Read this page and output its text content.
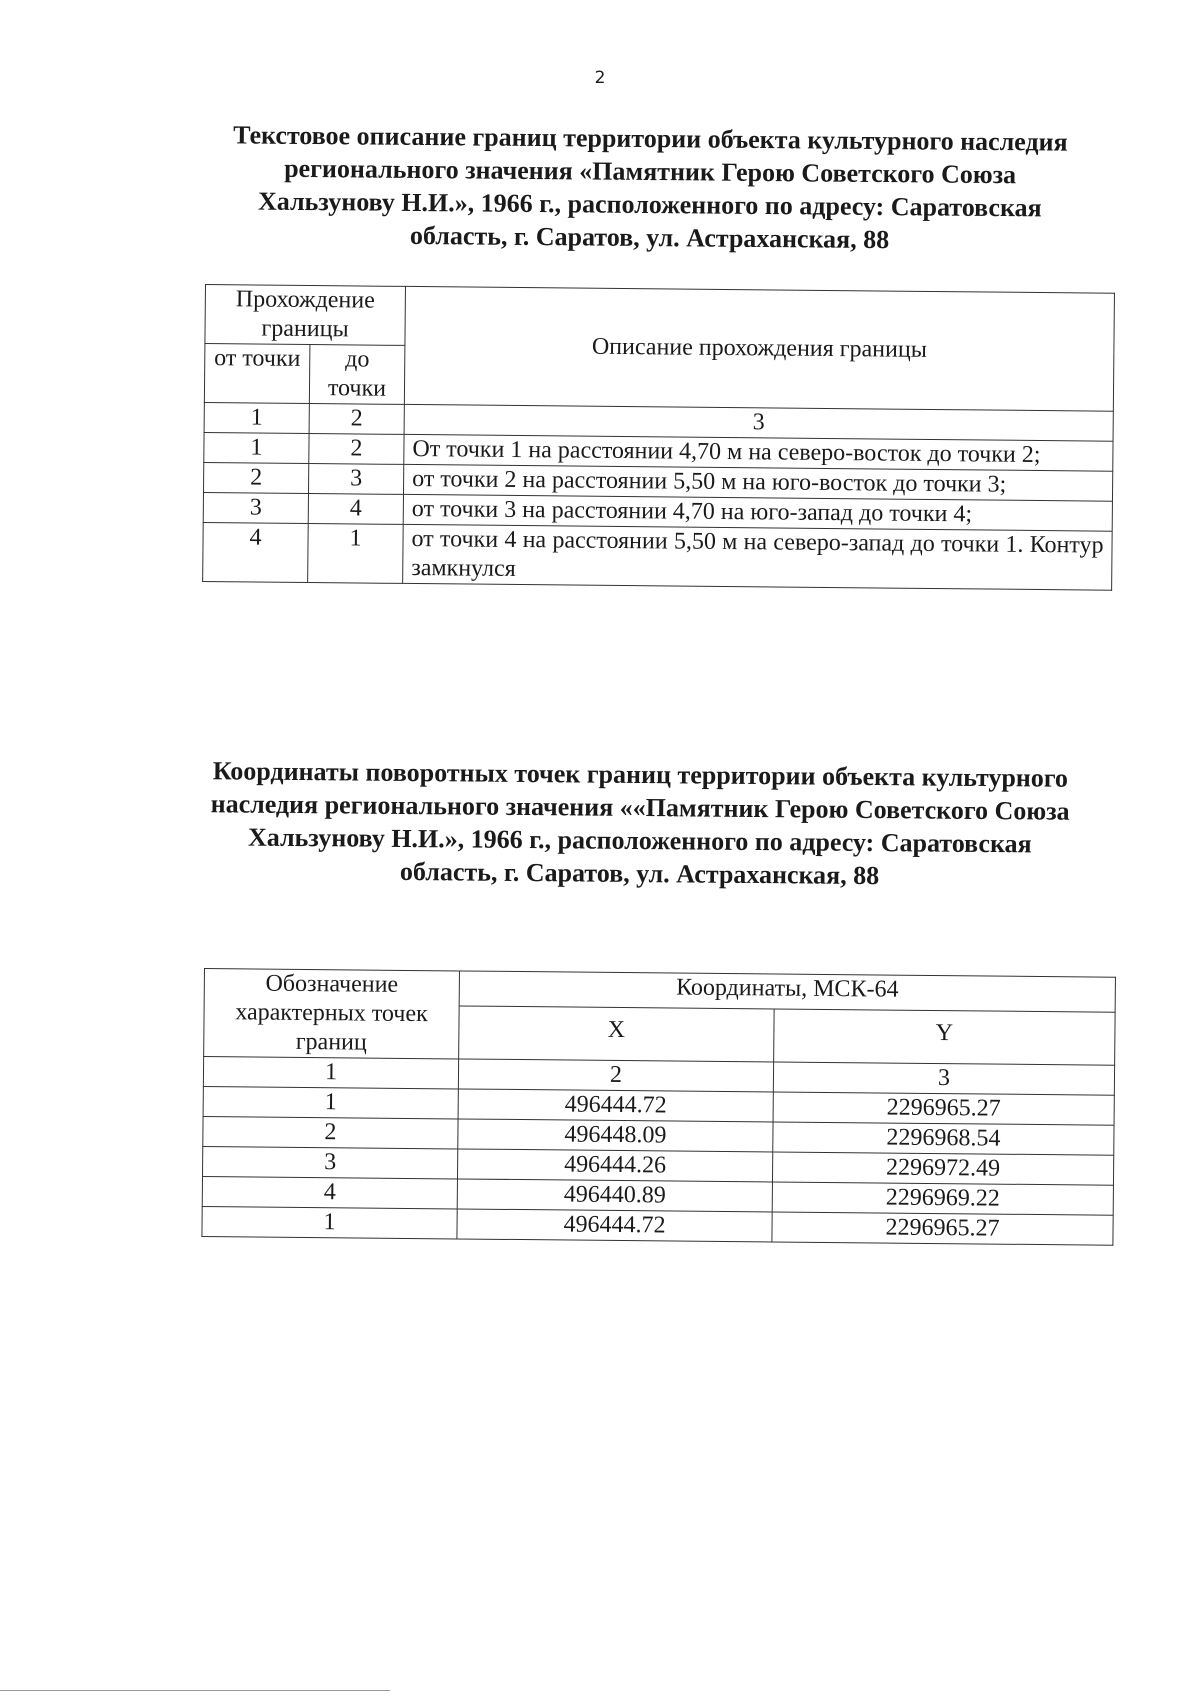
2
Текстовое описание границ территории объекта культурного наследия
регионального значения «Памятник Герою Советского Союза
Хальзунову Н.И.», 1966 г., расположенного по адресу: Саратовская
область, г. Саратов, ул. Астраханская, 88
Прохождение границы		Описание прохождения границы
от точки	до точки	
1	2	3
1	2	От точки 1 на расстоянии 4,70 м на северо-восток до точки 2;
2	3	от точки 2 на расстоянии 5,50 м на юго-восток до точки 3;
3	4	от точки 3 на расстоянии 4,70 на юго-запад до точки 4;
4	1	от точки 4 на расстоянии 5,50 м на северо-запад до точки 1. Контур замкнулся
Координаты поворотных точек границ территории объекта культурного
наследия регионального значения ««Памятник Герою Советского Союза
Хальзунову Н.И.», 1966 г., расположенного по адресу: Саратовская
область, г. Саратов, ул. Астраханская, 88
Обозначение характерных точек границ	Координаты, МСК-64	
	X	Y
1	2	3
1	496444.72	2296965.27
2	496448.09	2296968.54
3	496444.26	2296972.49
4	496440.89	2296969.22
1	496444.72	2296965.27
